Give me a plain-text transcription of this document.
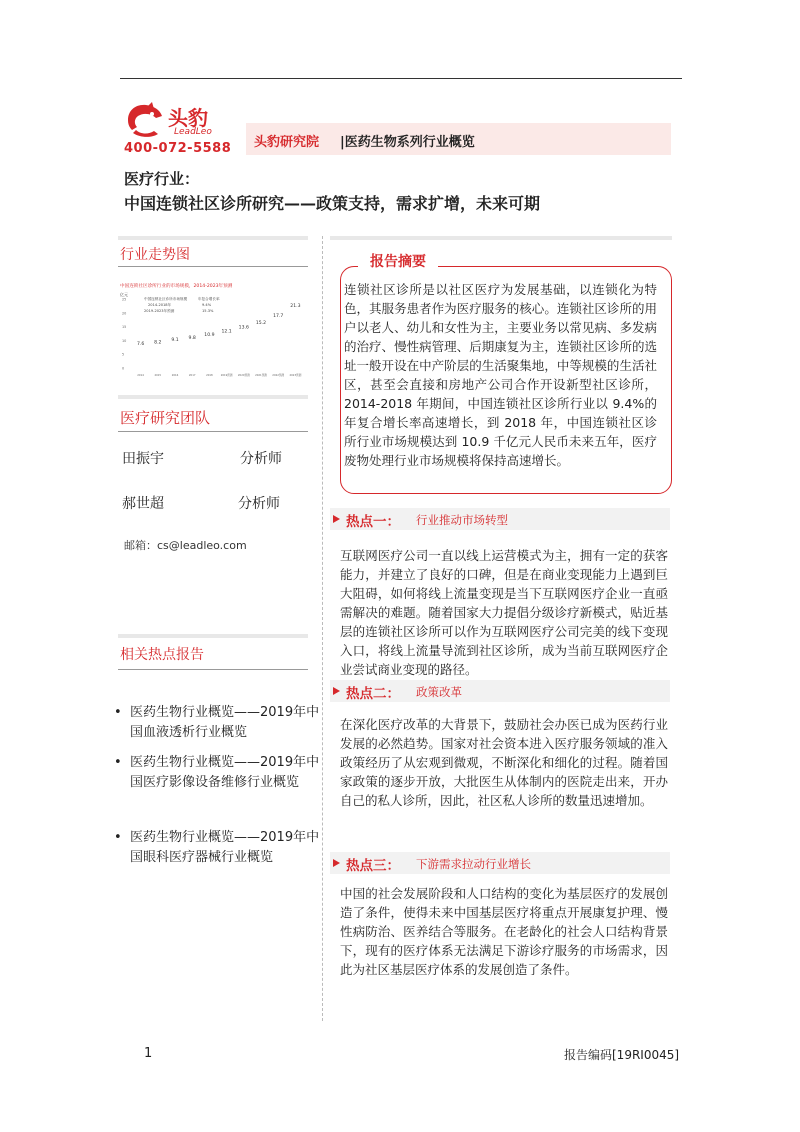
头豹
LeadLeo
400-072-5588 头豹研究院 |医药生物系列行业概览
医疗行业：
中国连锁社区诊所研究——政策支持，需求扩增，未来可期
行业走势图
中国连锁社区诊所行业的市场规模，2014-2023年预测
亿元
中国连锁社区诊所市场规模
2014-2018年
2019-2023年预测
年复合增长率
9.4%
15.3%
25
20
15
10
5
0
7.6 8.2 9.1 9.8
10.9
12.1
13.6
15.2
17.7
21.3
2014	2015	2016	2017	2018	2019预测 2020预测 2021预测 2022预测 2023预测
医疗研究团队
田振宇	分析师
郝世超	分析师
邮箱：cs@leadleo.com
相关热点报告
• 医药生物行业概览——2019年中国血液透析行业概览
• 医药生物行业概览——2019年中国医疗影像设备维修行业概览
• 医药生物行业概览——2019年中国眼科医疗器械行业概览
报告摘要
连锁社区诊所是以社区医疗为发展基础，以连锁化为特色，其服务患者作为医疗服务的核心。连锁社区诊所的用户以老人、幼儿和女性为主，主要业务以常见病、多发病的治疗、慢性病管理、后期康复为主，连锁社区诊所的选址一般开设在中产阶层的生活聚集地，中等规模的生活社区，甚至会直接和房地产公司合作开设新型社区诊所，2014-2018 年期间，中国连锁社区诊所行业以 9.4%的年复合增长率高速增长，到 2018 年，中国连锁社区诊所行业市场规模达到 10.9 千亿元人民币未来五年，医疗废物处理行业市场规模将保持高速增长。
热点一： 行业推动市场转型
互联网医疗公司一直以线上运营模式为主，拥有一定的获客能力，并建立了良好的口碑，但是在商业变现能力上遇到巨大阻碍，如何将线上流量变现是当下互联网医疗企业一直亟需解决的难题。随着国家大力提倡分级诊疗新模式，贴近基层的连锁社区诊所可以作为互联网医疗公司完美的线下变现入口，将线上流量导流到社区诊所，成为当前互联网医疗企业尝试商业变现的路径。
热点二： 政策改革
在深化医疗改革的大背景下，鼓励社会办医已成为医药行业发展的必然趋势。国家对社会资本进入医疗服务领域的准入政策经历了从宏观到微观，不断深化和细化的过程。随着国家政策的逐步开放，大批医生从体制内的医院走出来，开办自己的私人诊所，因此，社区私人诊所的数量迅速增加。
热点三： 下游需求拉动行业增长
中国的社会发展阶段和人口结构的变化为基层医疗的发展创造了条件，使得未来中国基层医疗将重点开展康复护理、慢性病防治、医养结合等服务。在老龄化的社会人口结构背景下，现有的医疗体系无法满足下游诊疗服务的市场需求，因此为社区基层医疗体系的发展创造了条件。
1	报告编码[19RI0045]
